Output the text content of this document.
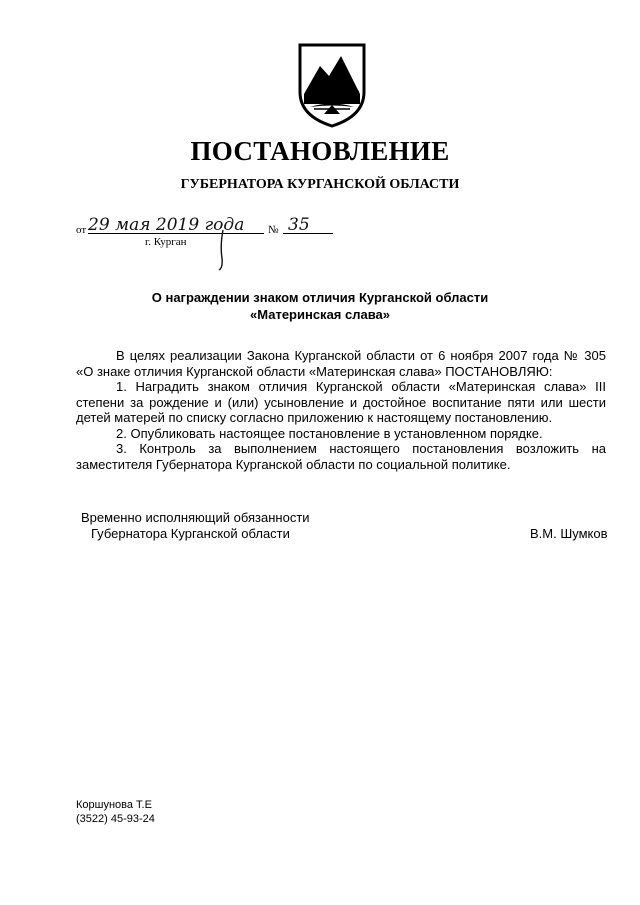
ПОСТАНОВЛЕНИЕ
ГУБЕРНАТОРА КУРГАНСКОЙ ОБЛАСТИ
от 29 мая 2019 года № 35
г. Курган
О награждении знаком отличия Курганской области
«Материнская слава»

В целях реализации Закона Курганской области от 6 ноября 2007 года № 305

«О знаке отличия Курганской области «Материнская слава» ПОСТАНОВЛЯЮ:

1. Наградить знаком отличия Курганской области «Материнская слава» III степени за рождение и (или) усыновление и достойное воспитание пяти или шести детей матерей по списку согласно приложению к настоящему постановлению.

2. Опубликовать настоящее постановление в установленном порядке.

3. Контроль за выполнением настоящего постановления возложить на заместителя Губернатора Курганской области по социальной политике.

Временно исполняющий обязанности
Губернатора Курганской области	В.М. Шумков
Коршунова Т.Е
(3522) 45-93-24
